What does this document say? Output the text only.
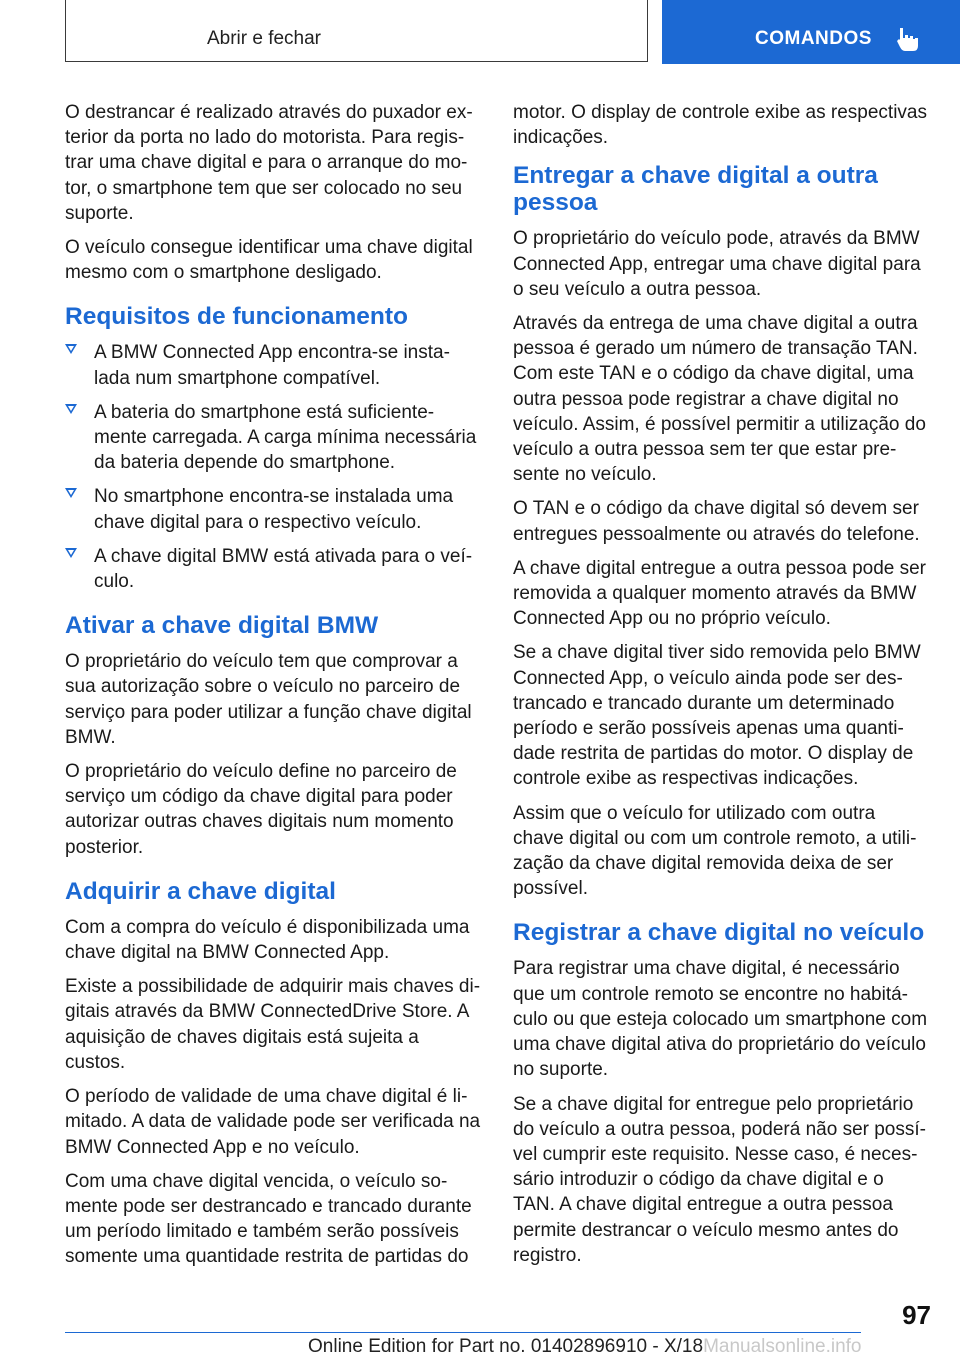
Abrir e fechar	COMANDOS

O destrancar é realizado através do puxador ex-terior da porta no lado do motorista. Para regis-trar uma chave digital e para o arranque do mo-tor, o smartphone tem que ser colocado no seu suporte.

O veículo consegue identificar uma chave digital mesmo com o smartphone desligado.

Requisitos de funcionamento
A BMW Connected App encontra-se insta-lada num smartphone compatível.
A bateria do smartphone está suficiente-mente carregada. A carga mínima necessária da bateria depende do smartphone.
No smartphone encontra-se instalada uma chave digital para o respectivo veículo.
A chave digital BMW está ativada para o veí-culo.
Ativar a chave digital BMW

O proprietário do veículo tem que comprovar a sua autorização sobre o veículo no parceiro de serviço para poder utilizar a função chave digital BMW.

O proprietário do veículo define no parceiro de serviço um código da chave digital para poder autorizar outras chaves digitais num momento posterior.

Adquirir a chave digital

Com a compra do veículo é disponibilizada uma chave digital na BMW Connected App.

Existe a possibilidade de adquirir mais chaves di-gitais através da BMW ConnectedDrive Store. A aquisição de chaves digitais está sujeita a custos.

O período de validade de uma chave digital é li-mitado. A data de validade pode ser verificada na BMW Connected App e no veículo.

Com uma chave digital vencida, o veículo so-mente pode ser destrancado e trancado durante um período limitado e também serão possíveis somente uma quantidade restrita de partidas do

motor. O display de controle exibe as respectivas indicações.

Entregar a chave digital a outra pessoa

O proprietário do veículo pode, através da BMW Connected App, entregar uma chave digital para o seu veículo a outra pessoa.

Através da entrega de uma chave digital a outra pessoa é gerado um número de transação TAN. Com este TAN e o código da chave digital, uma outra pessoa pode registrar a chave digital no veículo. Assim, é possível permitir a utilização do veículo a outra pessoa sem ter que estar pre-sente no veículo.

O TAN e o código da chave digital só devem ser entregues pessoalmente ou através do telefone.

A chave digital entregue a outra pessoa pode ser removida a qualquer momento através da BMW Connected App ou no próprio veículo.

Se a chave digital tiver sido removida pelo BMW Connected App, o veículo ainda pode ser des-trancado e trancado durante um determinado período e serão possíveis apenas uma quanti-dade restrita de partidas do motor. O display de controle exibe as respectivas indicações.

Assim que o veículo for utilizado com outra chave digital ou com um controle remoto, a utili-zação da chave digital removida deixa de ser possível.

Registrar a chave digital no veículo

Para registrar uma chave digital, é necessário que um controle remoto se encontre no habitá-culo ou que esteja colocado um smartphone com uma chave digital ativa do proprietário do veículo no suporte.

Se a chave digital for entregue pelo proprietário do veículo a outra pessoa, poderá não ser possí-vel cumprir este requisito. Nesse caso, é neces-sário introduzir o código da chave digital e o TAN. A chave digital entregue a outra pessoa permite destrancar o veículo mesmo antes do registro.

97
Online Edition for Part no. 01402896910 - X/18Manualsonline.info
